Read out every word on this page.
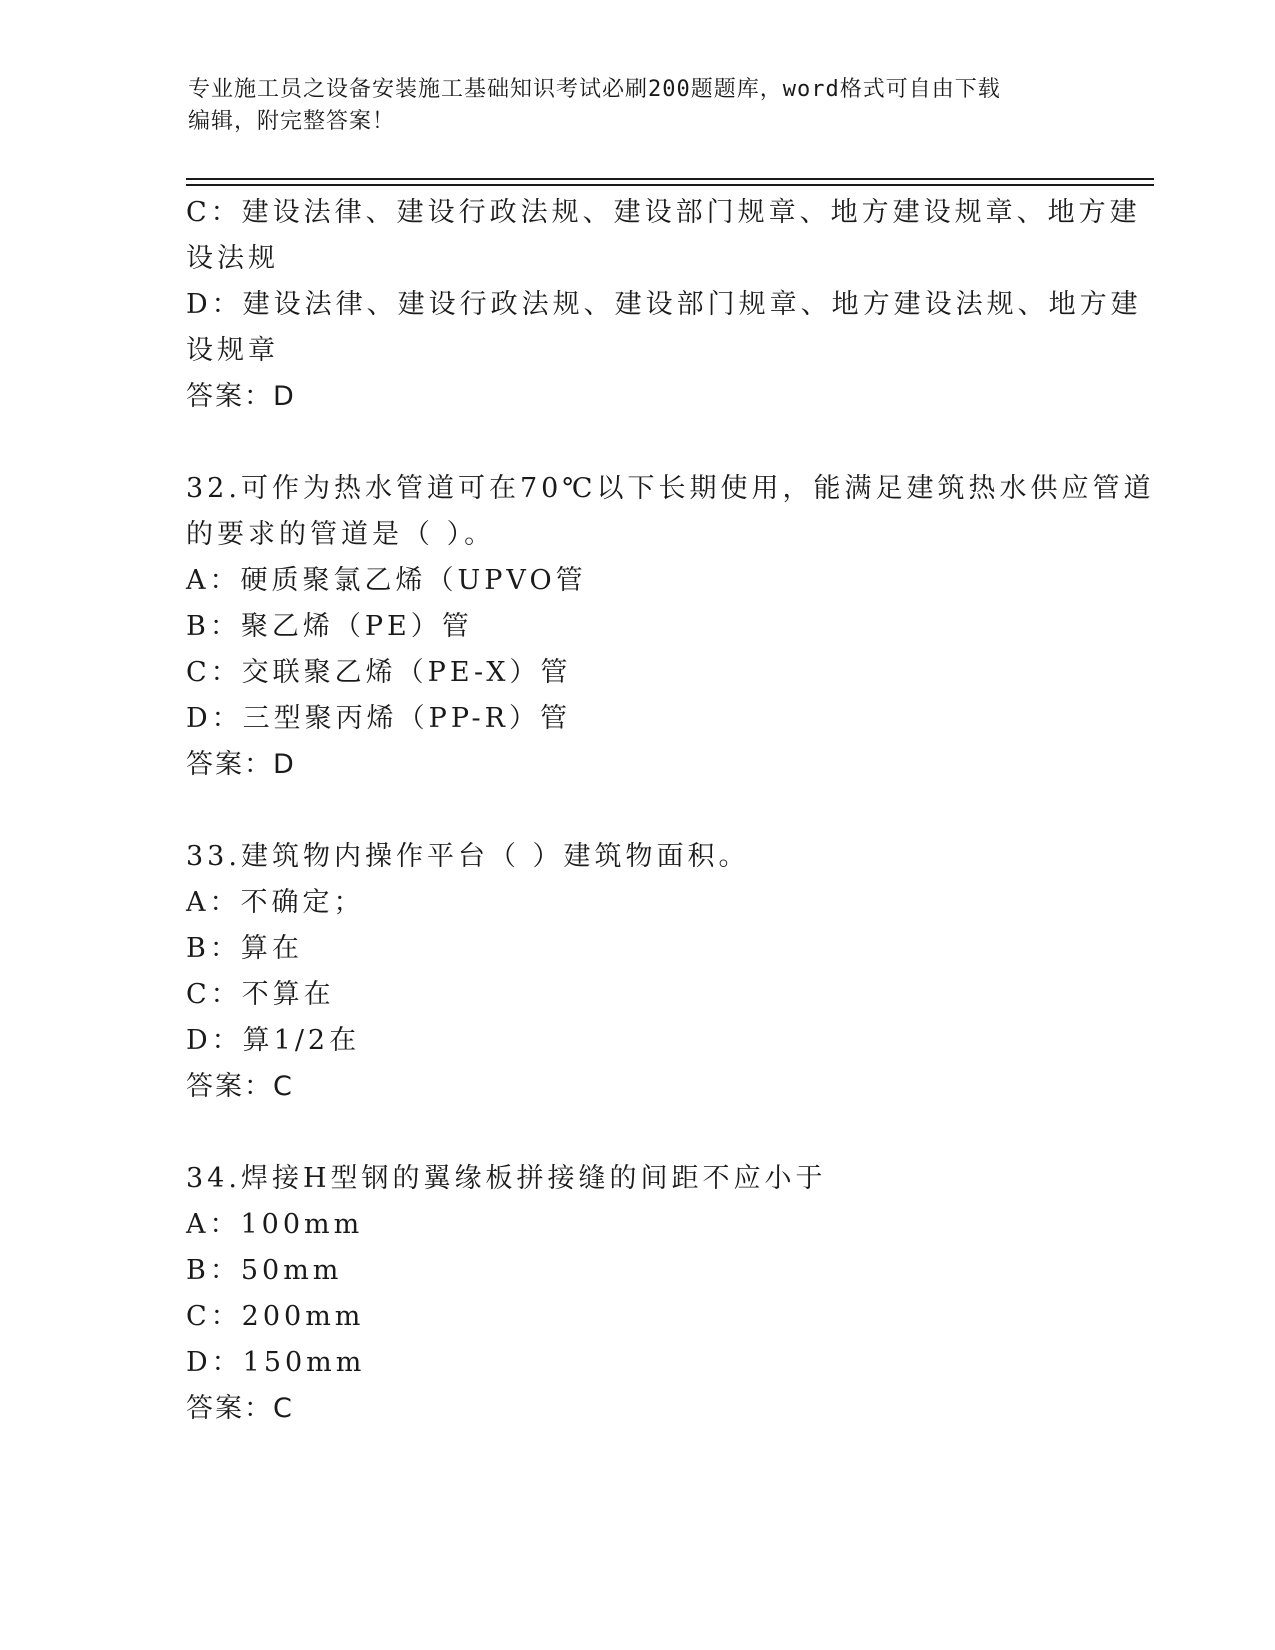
专业施工员之设备安装施工基础知识考试必刷200题题库，word格式可自由下载
编辑，附完整答案！
C：建设法律、建设行政法规、建设部门规章、地方建设规章、地方建
设法规
D：建设法律、建设行政法规、建设部门规章、地方建设法规、地方建
设规章
答案：D
32.可作为热水管道可在70℃以下长期使用，能满足建筑热水供应管道
的要求的管道是（ ）。
A：硬质聚氯乙烯（UPVO管
B：聚乙烯（PE）管
C：交联聚乙烯（PE-X）管
D：三型聚丙烯（PP-R）管
答案：D
33.建筑物内操作平台（ ）建筑物面积。
A：不确定；
B：算在
C：不算在
D：算1/2在
答案：C
34.焊接H型钢的翼缘板拼接缝的间距不应小于
A：100mm
B：50mm
C：200mm
D：150mm
答案：C
